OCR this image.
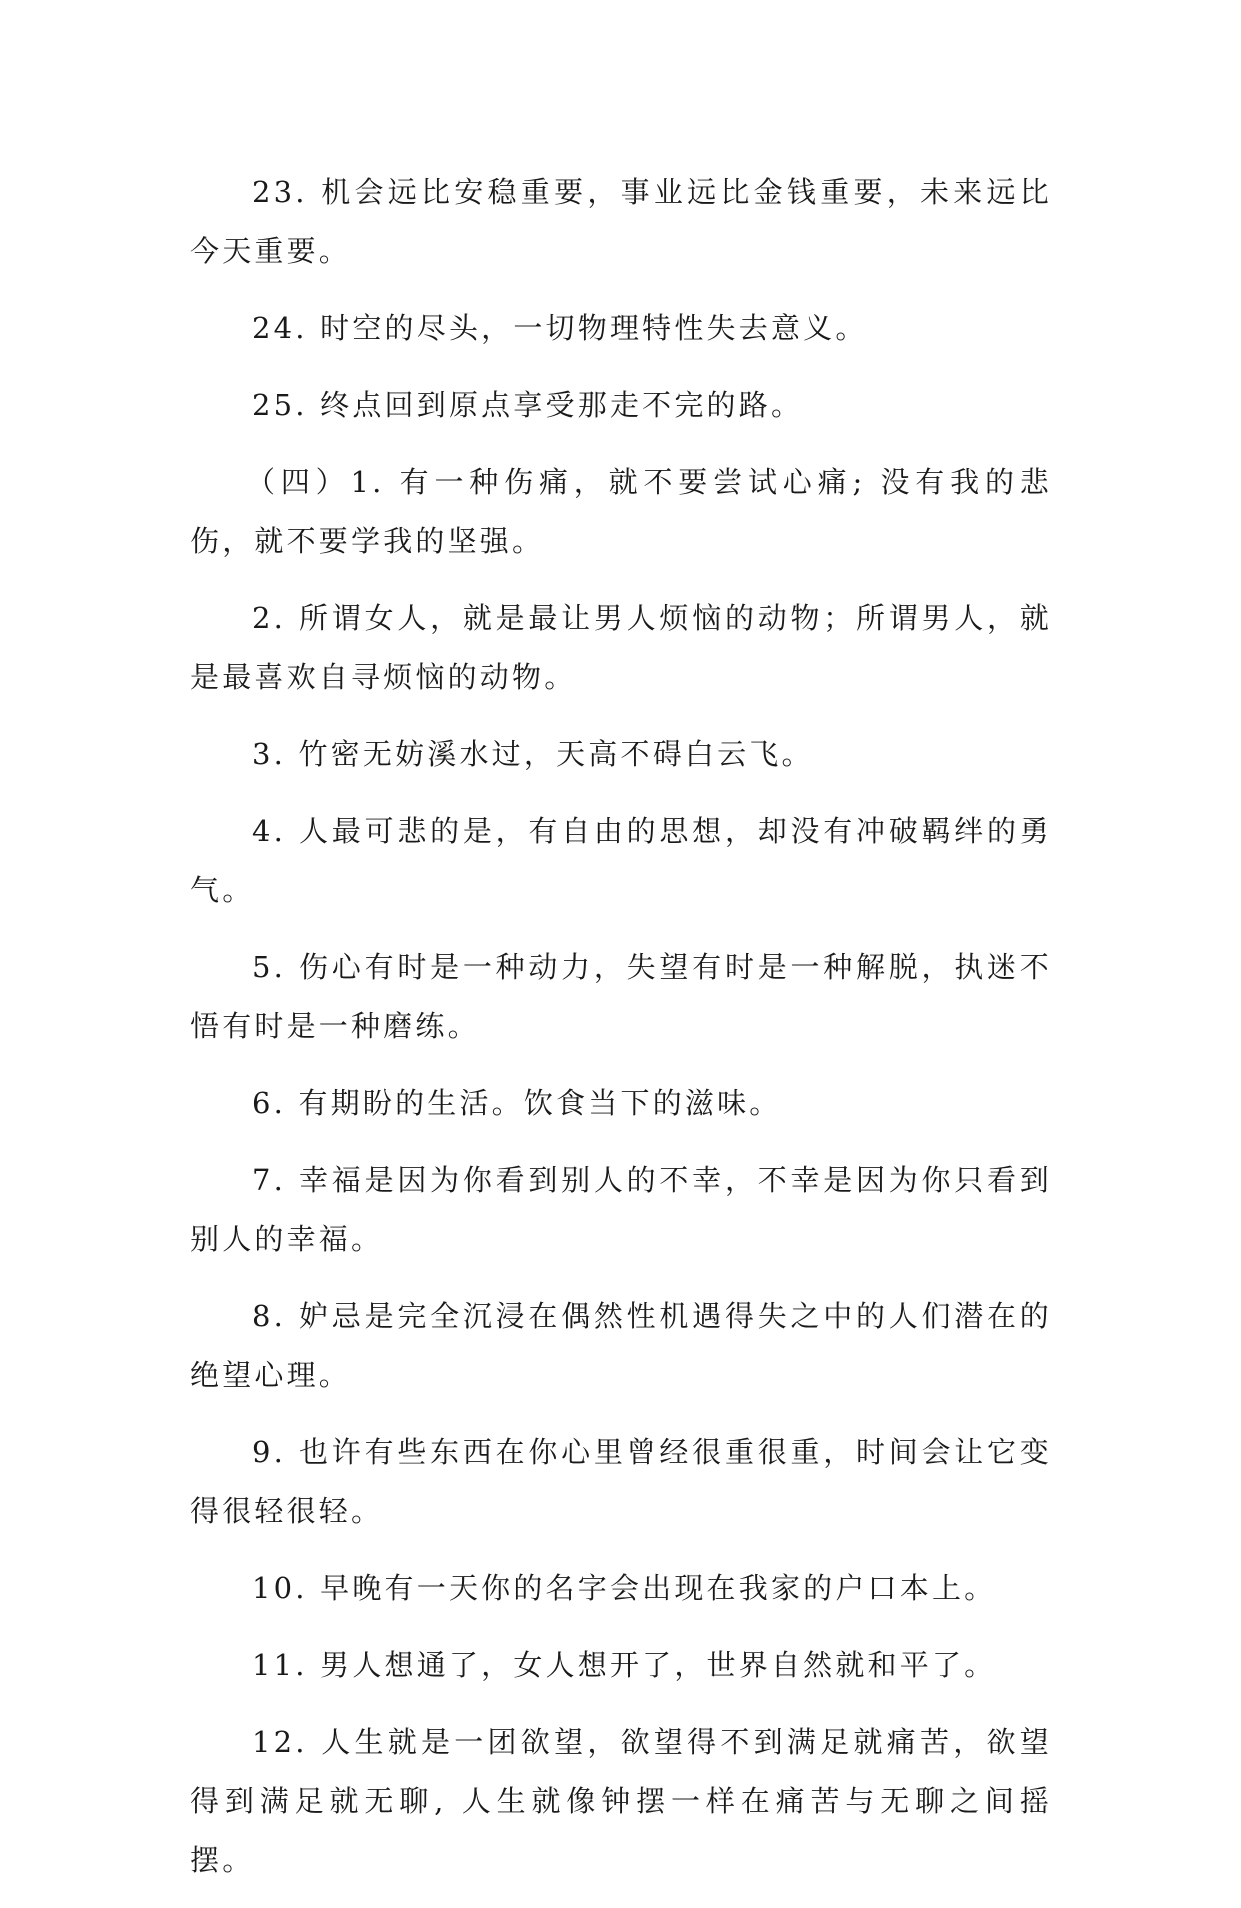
23. 机会远比安稳重要，事业远比金钱重要，未来远比今天重要。

24. 时空的尽头，一切物理特性失去意义。

25. 终点回到原点享受那走不完的路。

（四）1. 有一种伤痛，就不要尝试心痛; 没有我的悲伤，就不要学我的坚强。

2. 所谓女人，就是最让男人烦恼的动物；所谓男人，就是最喜欢自寻烦恼的动物。

3. 竹密无妨溪水过，天高不碍白云飞。

4. 人最可悲的是，有自由的思想，却没有冲破羁绊的勇气。

5. 伤心有时是一种动力，失望有时是一种解脱，执迷不悟有时是一种磨练。

6. 有期盼的生活。饮食当下的滋味。

7. 幸福是因为你看到别人的不幸，不幸是因为你只看到别人的幸福。

8. 妒忌是完全沉浸在偶然性机遇得失之中的人们潜在的绝望心理。

9. 也许有些东西在你心里曾经很重很重，时间会让它变得很轻很轻。

10. 早晚有一天你的名字会出现在我家的户口本上。

11. 男人想通了，女人想开了，世界自然就和平了。

12. 人生就是一团欲望，欲望得不到满足就痛苦，欲望得到满足就无聊, 人生就像钟摆一样在痛苦与无聊之间摇摆。
